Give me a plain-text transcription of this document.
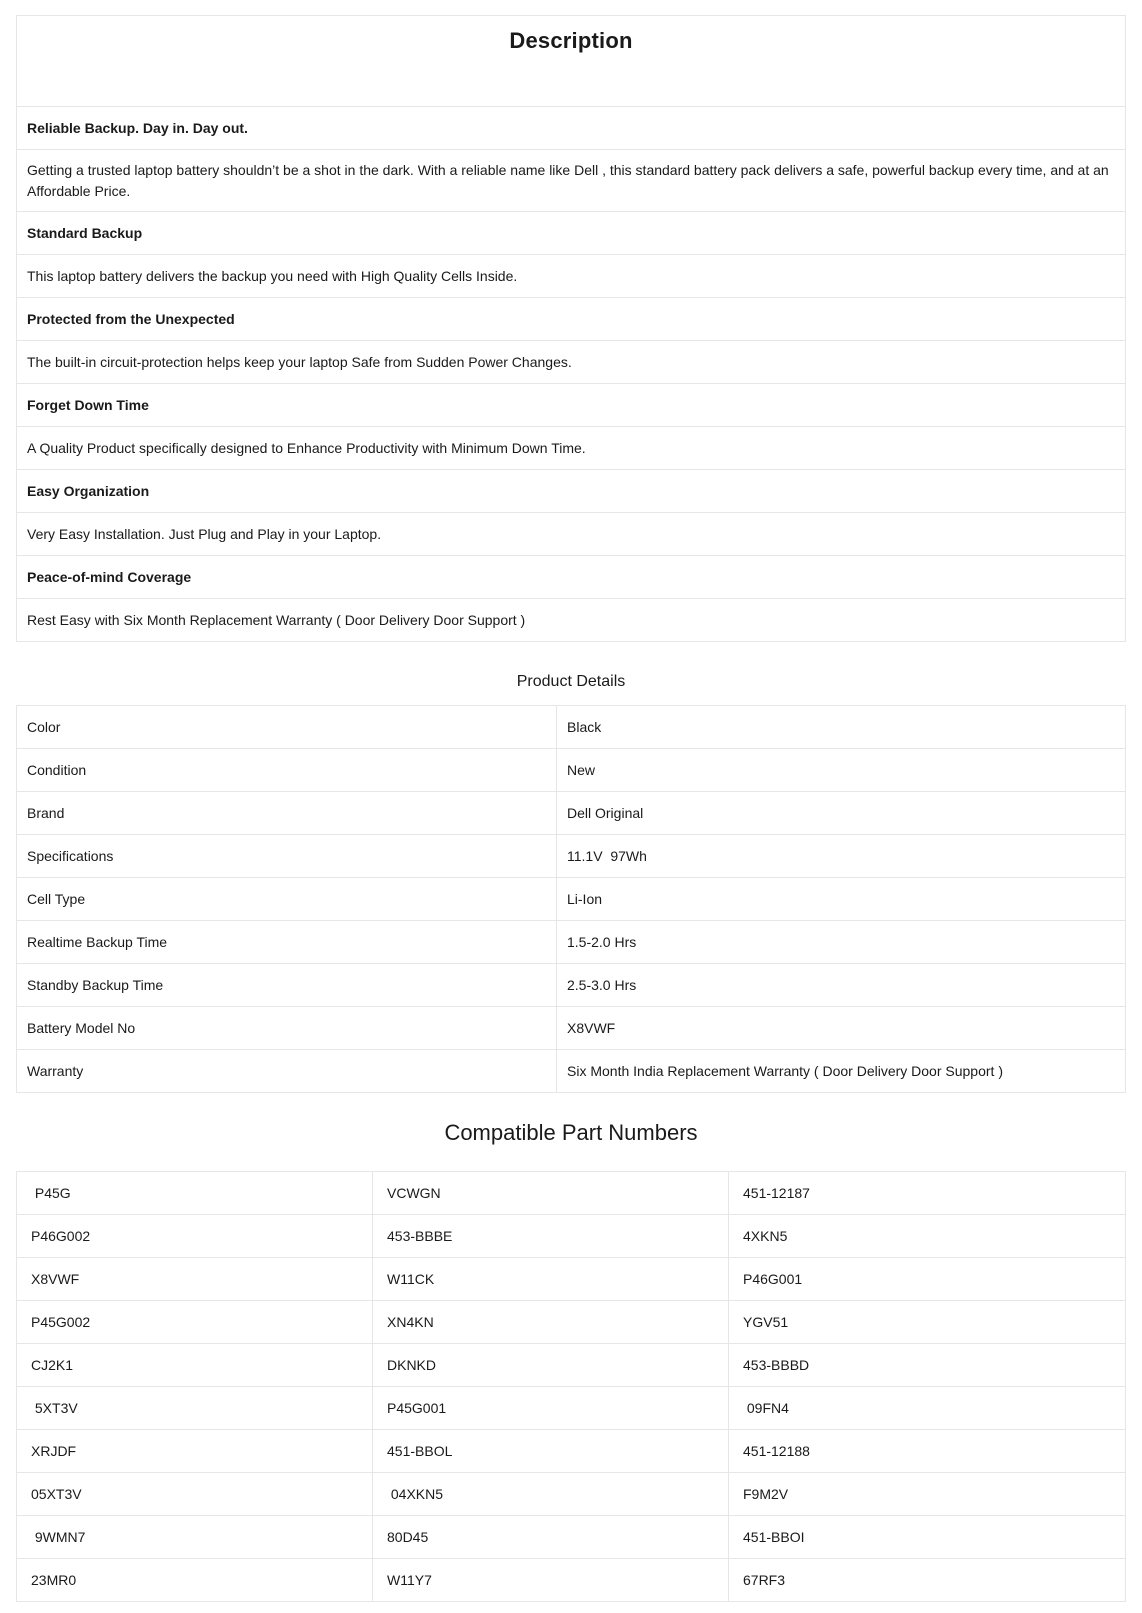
Description
Reliable Backup. Day in. Day out.
Getting a trusted laptop battery shouldn’t be a shot in the dark. With a reliable name like Dell , this standard battery pack delivers a safe, powerful backup every time, and at an Affordable Price.
Standard Backup
This laptop battery delivers the backup you need with High Quality Cells Inside.
Protected from the Unexpected
The built-in circuit-protection helps keep your laptop Safe from Sudden Power Changes.
Forget Down Time
A Quality Product specifically designed to Enhance Productivity with Minimum Down Time.
Easy Organization
Very Easy Installation. Just Plug and Play in your Laptop.
Peace-of-mind Coverage
Rest Easy with Six Month Replacement Warranty ( Door Delivery Door Support )
Product Details
Color	Black
Condition	New
Brand	Dell Original
Specifications	11.1V  97Wh
Cell Type	Li-Ion
Realtime Backup Time	1.5-2.0 Hrs
Standby Backup Time	2.5-3.0 Hrs
Battery Model No	X8VWF
Warranty	Six Month India Replacement Warranty ( Door Delivery Door Support )
Compatible Part Numbers
P45G	VCWGN	451-12187
P46G002	453-BBBE	4XKN5
X8VWF	W11CK	P46G001
P45G002	XN4KN	YGV51
CJ2K1	DKNKD	453-BBBD
5XT3V	P45G001	09FN4
XRJDF	451-BBOL	451-12188
05XT3V	04XKN5	F9M2V
9WMN7	80D45	451-BBOI
23MR0	W11Y7	67RF3
